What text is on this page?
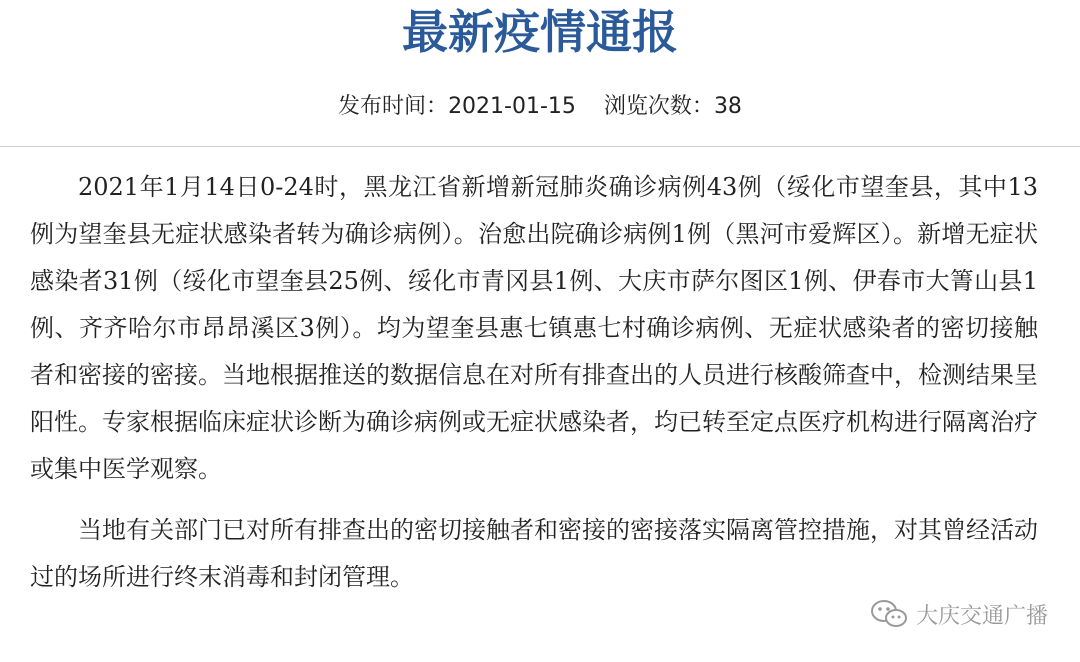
最新疫情通报
发布时间：2021-01-15 浏览次数：38

2021年1月14日0-24时，黑龙江省新增新冠肺炎确诊病例43例（绥化市望奎县，其中13例为望奎县无症状感染者转为确诊病例）。治愈出院确诊病例1例（黑河市爱辉区）。新增无症状感染者31例（绥化市望奎县25例、绥化市青冈县1例、大庆市萨尔图区1例、伊春市大箐山县1例、齐齐哈尔市昂昂溪区3例）。均为望奎县惠七镇惠七村确诊病例、无症状感染者的密切接触者和密接的密接。当地根据推送的数据信息在对所有排查出的人员进行核酸筛查中，检测结果呈阳性。专家根据临床症状诊断为确诊病例或无症状感染者，均已转至定点医疗机构进行隔离治疗或集中医学观察。

当地有关部门已对所有排查出的密切接触者和密接的密接落实隔离管控措施，对其曾经活动过的场所进行终末消毒和封闭管理。

大庆交通广播
